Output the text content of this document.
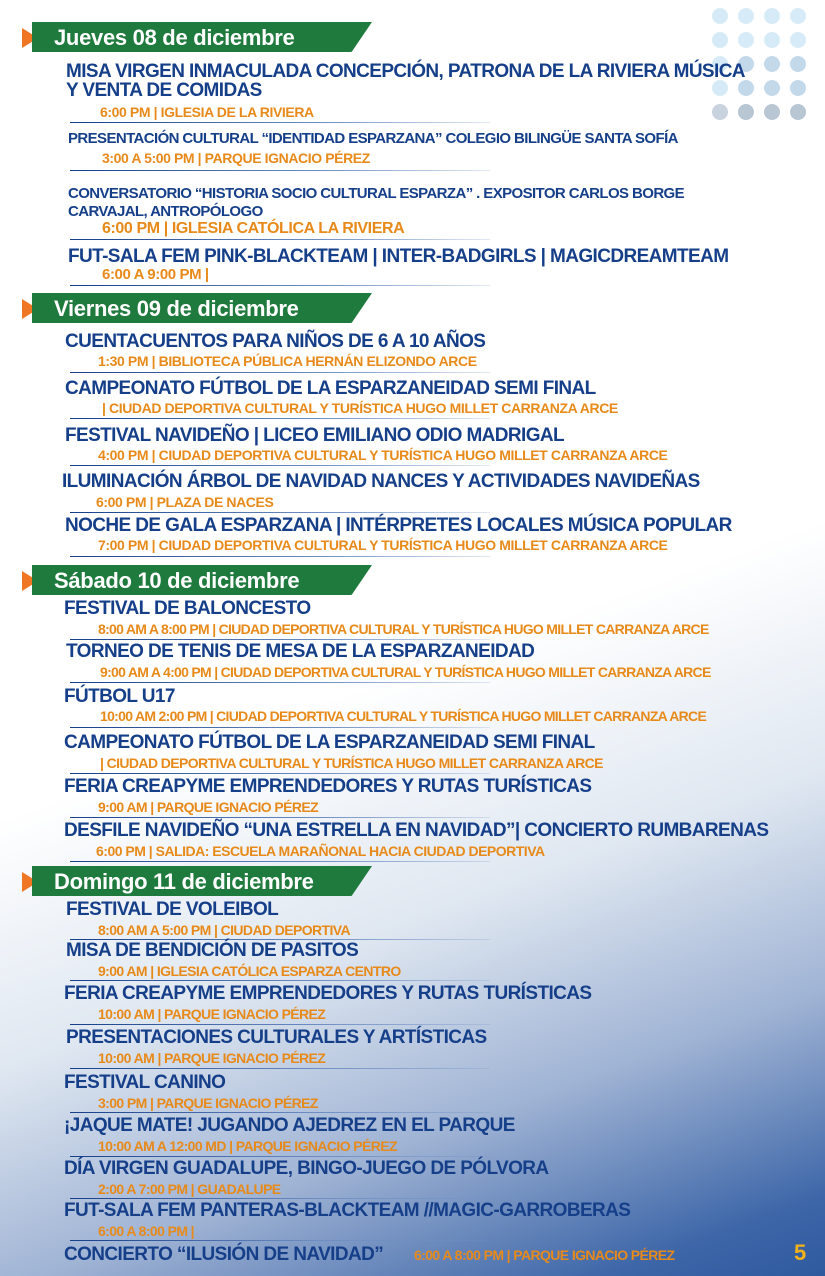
Jueves 08 de diciembre
MISA VIRGEN INMACULADA CONCEPCIÓN, PATRONA DE LA RIVIERA MÚSICA
Y VENTA DE COMIDAS
6:00 PM | IGLESIA DE LA RIVIERA
PRESENTACIÓN CULTURAL “IDENTIDAD ESPARZANA” COLEGIO BILINGÜE SANTA SOFÍA
3:00 A 5:00 PM | PARQUE IGNACIO PÉREZ
CONVERSATORIO “HISTORIA SOCIO CULTURAL ESPARZA” . EXPOSITOR CARLOS BORGE
CARVAJAL, ANTROPÓLOGO
6:00 PM | IGLESIA CATÓLICA LA RIVIERA
FUT-SALA FEM PINK-BLACKTEAM | INTER-BADGIRLS | MAGICDREAMTEAM
6:00 A 9:00 PM |
Viernes 09 de diciembre
CUENTACUENTOS PARA NIÑOS DE 6 A 10 AÑOS
1:30 PM | BIBLIOTECA PÚBLICA HERNÁN ELIZONDO ARCE
CAMPEONATO FÚTBOL DE LA ESPARZANEIDAD SEMI FINAL
| CIUDAD DEPORTIVA CULTURAL Y TURÍSTICA HUGO MILLET CARRANZA ARCE
FESTIVAL NAVIDEÑO | LICEO EMILIANO ODIO MADRIGAL
4:00 PM | CIUDAD DEPORTIVA CULTURAL Y TURÍSTICA HUGO MILLET CARRANZA ARCE
ILUMINACIÓN ÁRBOL DE NAVIDAD NANCES Y ACTIVIDADES NAVIDEÑAS
6:00 PM | PLAZA DE NACES
NOCHE DE GALA ESPARZANA | INTÉRPRETES LOCALES MÚSICA POPULAR
7:00 PM | CIUDAD DEPORTIVA CULTURAL Y TURÍSTICA HUGO MILLET CARRANZA ARCE
Sábado 10 de diciembre
FESTIVAL DE BALONCESTO
8:00 AM A 8:00 PM | CIUDAD DEPORTIVA CULTURAL Y TURÍSTICA HUGO MILLET CARRANZA ARCE
TORNEO DE TENIS DE MESA DE LA ESPARZANEIDAD
9:00 AM A 4:00 PM | CIUDAD DEPORTIVA CULTURAL Y TURÍSTICA HUGO MILLET CARRANZA ARCE
FÚTBOL U17
10:00 AM 2:00 PM | CIUDAD DEPORTIVA CULTURAL Y TURÍSTICA HUGO MILLET CARRANZA ARCE
CAMPEONATO FÚTBOL DE LA ESPARZANEIDAD SEMI FINAL
| CIUDAD DEPORTIVA CULTURAL Y TURÍSTICA HUGO MILLET CARRANZA ARCE
FERIA CREAPYME EMPRENDEDORES Y RUTAS TURÍSTICAS
9:00 AM | PARQUE IGNACIO PÉREZ
DESFILE NAVIDEÑO “UNA ESTRELLA EN NAVIDAD”| CONCIERTO RUMBARENAS
6:00 PM | SALIDA: ESCUELA MARAÑONAL HACIA CIUDAD DEPORTIVA
Domingo 11 de diciembre
FESTIVAL DE VOLEIBOL
8:00 AM A 5:00 PM | CIUDAD DEPORTIVA
MISA DE BENDICIÓN DE PASITOS
9:00 AM | IGLESIA CATÓLICA ESPARZA CENTRO
FERIA CREAPYME EMPRENDEDORES Y RUTAS TURÍSTICAS
10:00 AM | PARQUE IGNACIO PÉREZ
PRESENTACIONES CULTURALES Y ARTÍSTICAS
10:00 AM | PARQUE IGNACIO PÉREZ
FESTIVAL CANINO
3:00 PM | PARQUE IGNACIO PÉREZ
¡JAQUE MATE! JUGANDO AJEDREZ EN EL PARQUE
10:00 AM A 12:00 MD | PARQUE IGNACIO PÉREZ
DÍA VIRGEN GUADALUPE, BINGO-JUEGO DE PÓLVORA
2:00 A 7:00 PM | GUADALUPE
FUT-SALA FEM PANTERAS-BLACKTEAM //MAGIC-GARROBERAS
6:00 A 8:00 PM |
CONCIERTO “ILUSIÓN DE NAVIDAD” 6:00 A 8:00 PM | PARQUE IGNACIO PÉREZ	5
